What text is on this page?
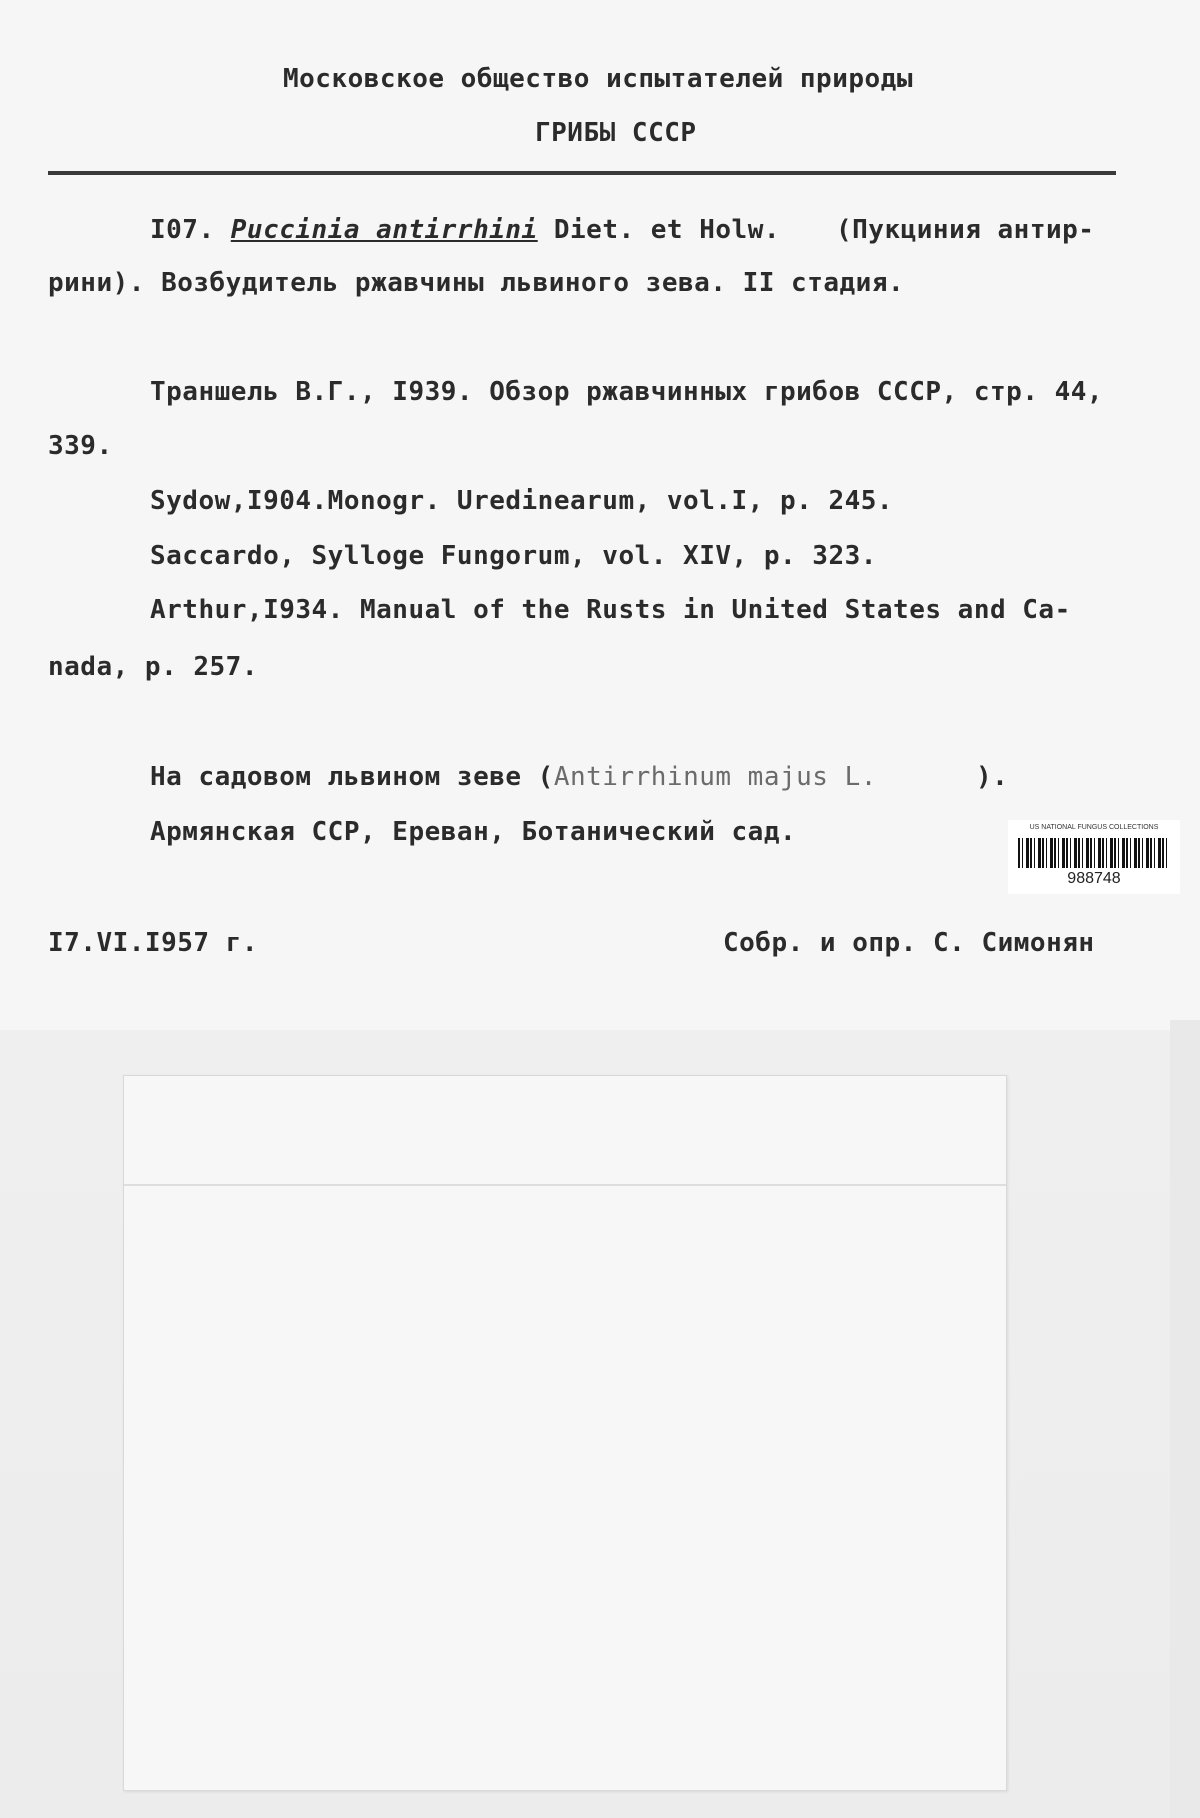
Московское общество испытателей природы
ГРИБЫ СССР
I07. Puccinia antirrhini Diet. et Holw. (Пукциния антир-
рини). Возбудитель ржавчины львиного зева. II стадия.
Траншель В.Г., I939. Обзор ржавчинных грибов СССР, стр. 44,
339.
Sydow,I904.Monogr. Uredinearum, vol.I, p. 245.
Saccardo, Sylloge Fungorum, vol. XIV, p. 323.
Arthur,I934. Manual of the Rusts in United States and Ca-
nada, p. 257.
На садовом львином зеве (Antirrhinum majus L.	).
Армянская ССР, Ереван, Ботанический сад.
I7.VI.I957 г.	Собр. и опр. С. Симонян
US NATIONAL FUNGUS COLLECTIONS
988748
